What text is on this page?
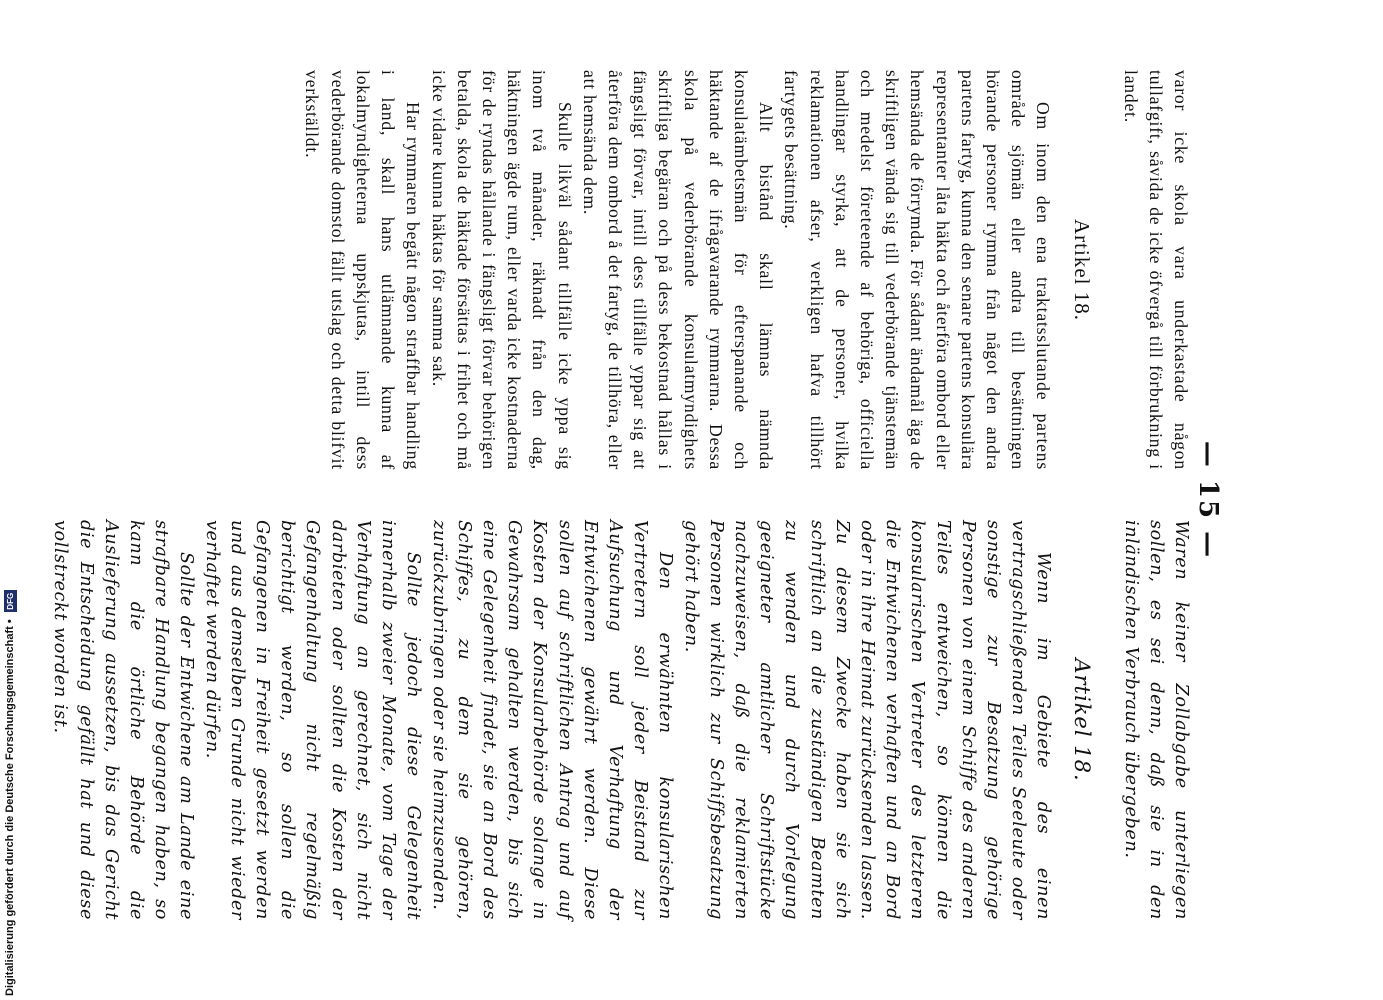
— 15 —

Waren keiner Zollabgabe unterliegen sollen, es sei denn, daß sie in den inländischen Verbrauch übergeben.

Artikel 18.

Wenn im Gebiete des einen vertragschließenden Teiles Seeleute oder sonstige zur Besatzung gehörige Personen von einem Schiffe des anderen Teiles entweichen, so können die konsularischen Vertreter des letzteren die Entwichenen verhaften und an Bord oder in ihre Heimat zurücksenden lassen. Zu diesem Zwecke haben sie sich schriftlich an die zuständigen Beamten zu wenden und durch Vorlegung geeigneter amtlicher Schriftstücke nachzuweisen, daß die reklamierten Personen wirklich zur Schiffsbesatzung gehört haben.

Den erwähnten konsularischen Vertretern soll jeder Beistand zur Aufsuchung und Verhaftung der Entwichenen gewährt werden. Diese sollen auf schriftlichen Antrag und auf Kosten der Konsularbehörde solange in Gewahrsam gehalten werden, bis sich eine Gelegenheit findet, sie an Bord des Schiffes, zu dem sie gehören, zurückzubringen oder sie heimzusenden.

Sollte jedoch diese Gelegenheit innerhalb zweier Monate, vom Tage der Verhaftung an gerechnet, sich nicht darbieten oder sollten die Kosten der Gefangenhaltung nicht regelmäßig berichtigt werden, so sollen die Gefangenen in Freiheit gesetzt werden und aus demselben Grunde nicht wieder verhaftet werden dürfen.

Sollte der Entwichene am Lande eine strafbare Handlung begangen haben, so kann die örtliche Behörde die Auslieferung aussetzen, bis das Gericht die Entscheidung gefällt hat und diese vollstreckt worden ist.

varor icke skola vara underkastade någon tullafgift, såvida de icke öfvergå till förbrukning i landet.

Artikel 18.

Om inom den ena traktatsslutande partens område sjömän eller andra till besättningen hörande personer rymma från något den andra partens fartyg, kunna den senare partens konsulära representanter låta häkta och återföra ombord eller hemsända de förrymda. För sådant ändamål äga de skriftligen vända sig till vederbörande tjänstemän och medelst företeende af behöriga, officiella handlingar styrka, att de personer, hvilka reklamationen afser, verkligen hafva tillhört fartygets besättning.

Allt bistånd skall lämnas nämnda konsulatämbetsmän för efterspanande och häktande af de ifrågavarande rymmarna. Dessa skola på vederbörande konsulatmyndighets skriftliga begäran och på dess bekostnad hållas i fängsligt förvar, intill dess tillfälle yppar sig att återföra dem ombord å det fartyg, de tillhöra, eller att hemsända dem.

Skulle likväl sådant tillfälle icke yppa sig inom två månader, räknadt från den dag, häktningen ägde rum, eller varda icke kostnaderna för de ryndas hållande i fängsligt förvar behörigen betalda, skola de häktade försättas i frihet och må icke vidare kunna häktas för samma sak.

Har rymmaren begått någon straffbar handling i land, skall hans utlämnande kunna af lokalmyndigheterna uppskjutas, intill dess vederbörande domstol fällt utslag och detta blifvit verkställdt.

Digitalisierung gefördert durch die Deutsche Forschungsgemeinschaft • DFG
